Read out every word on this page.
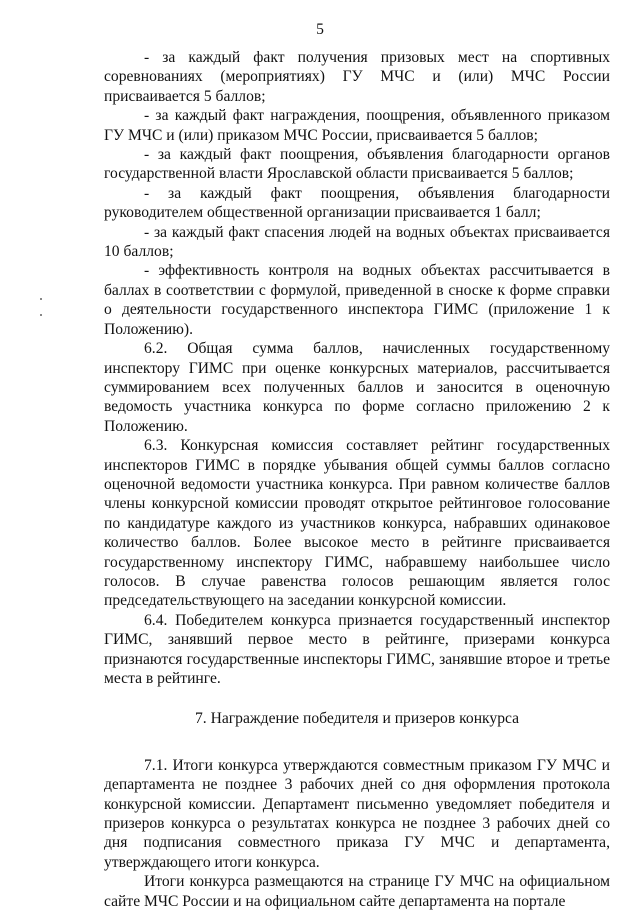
5

- за каждый факт получения призовых мест на спортивных соревнованиях (мероприятиях) ГУ МЧС и (или) МЧС России присваивается 5 баллов;

- за каждый факт награждения, поощрения, объявленного приказом ГУ МЧС и (или) приказом МЧС России, присваивается 5 баллов;

- за каждый факт поощрения, объявления благодарности органов государственной власти Ярославской области присваивается 5 баллов;

- за каждый факт поощрения, объявления благодарности руководителем общественной организации присваивается 1 балл;

- за каждый факт спасения людей на водных объектах присваивается 10 баллов;

- эффективность контроля на водных объектах рассчитывается в баллах в соответствии с формулой, приведенной в сноске к форме справки о деятельности государственного инспектора ГИМС (приложение 1 к Положению).

6.2. Общая сумма баллов, начисленных государственному инспектору ГИМС при оценке конкурсных материалов, рассчитывается суммированием всех полученных баллов и заносится в оценочную ведомость участника конкурса по форме согласно приложению 2 к Положению.

6.3. Конкурсная комиссия составляет рейтинг государственных инспекторов ГИМС в порядке убывания общей суммы баллов согласно оценочной ведомости участника конкурса. При равном количестве баллов члены конкурсной комиссии проводят открытое рейтинговое голосование по кандидатуре каждого из участников конкурса, набравших одинаковое количество баллов. Более высокое место в рейтинге присваивается государственному инспектору ГИМС, набравшему наибольшее число голосов. В случае равенства голосов решающим является голос председательствующего на заседании конкурсной комиссии.

6.4. Победителем конкурса признается государственный инспектор ГИМС, занявший первое место в рейтинге, призерами конкурса признаются государственные инспекторы ГИМС, занявшие второе и третье места в рейтинге.

7. Награждение победителя и призеров конкурса

7.1. Итоги конкурса утверждаются совместным приказом ГУ МЧС и департамента не позднее 3 рабочих дней со дня оформления протокола конкурсной комиссии. Департамент письменно уведомляет победителя и призеров конкурса о результатах конкурса не позднее 3 рабочих дней со дня подписания совместного приказа ГУ МЧС и департамента, утверждающего итоги конкурса.

Итоги конкурса размещаются на странице ГУ МЧС на официальном сайте МЧС России и на официальном сайте департамента на портале
